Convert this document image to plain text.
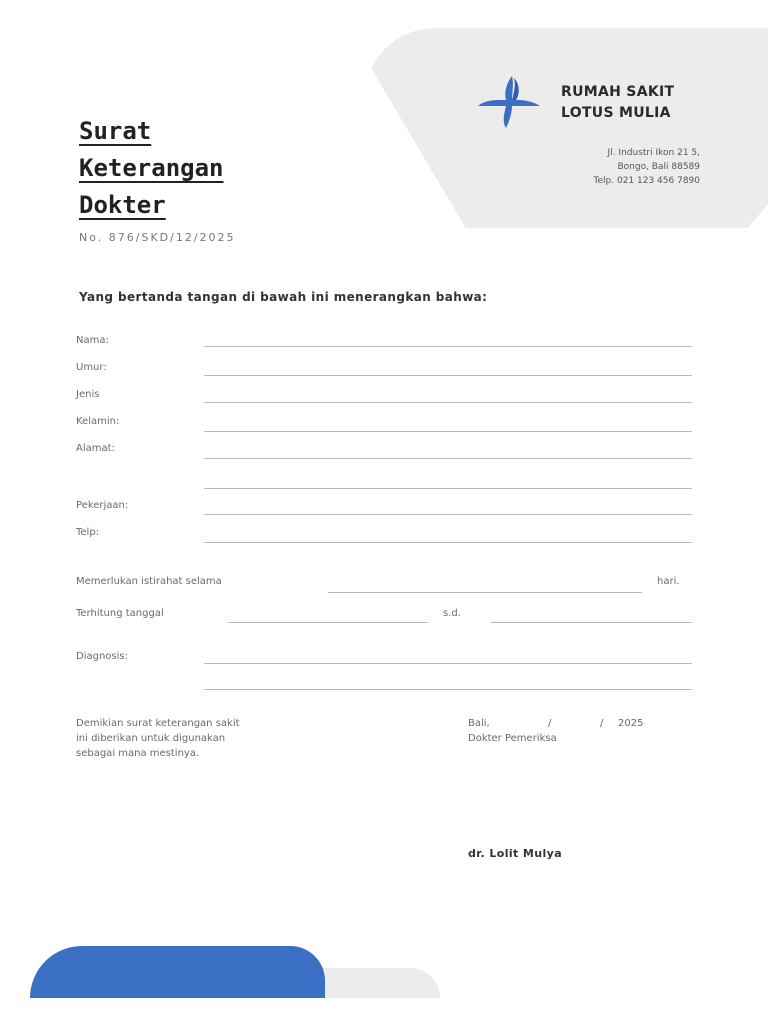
RUMAH SAKIT
LOTUS MULIA
Jl. Industri Ikon 21 5,
Bongo, Bali 88589
Telp. 021 123 456 7890
Surat
Keterangan
Dokter
No. 876/SKD/12/2025
Yang bertanda tangan di bawah ini menerangkan bahwa:
Nama:
Umur:
Jenis
Kelamin:
Alamat:
Pekerjaan:
Telp:
Memerlukan istirahat selama	hari.
Terhitung tanggal	s.d.
Diagnosis:
Demikian surat keterangan sakit
ini diberikan untuk digunakan
sebagai mana mestinya.
Bali,	/	/ 2025
Dokter Pemeriksa
dr. Lolit Mulya
